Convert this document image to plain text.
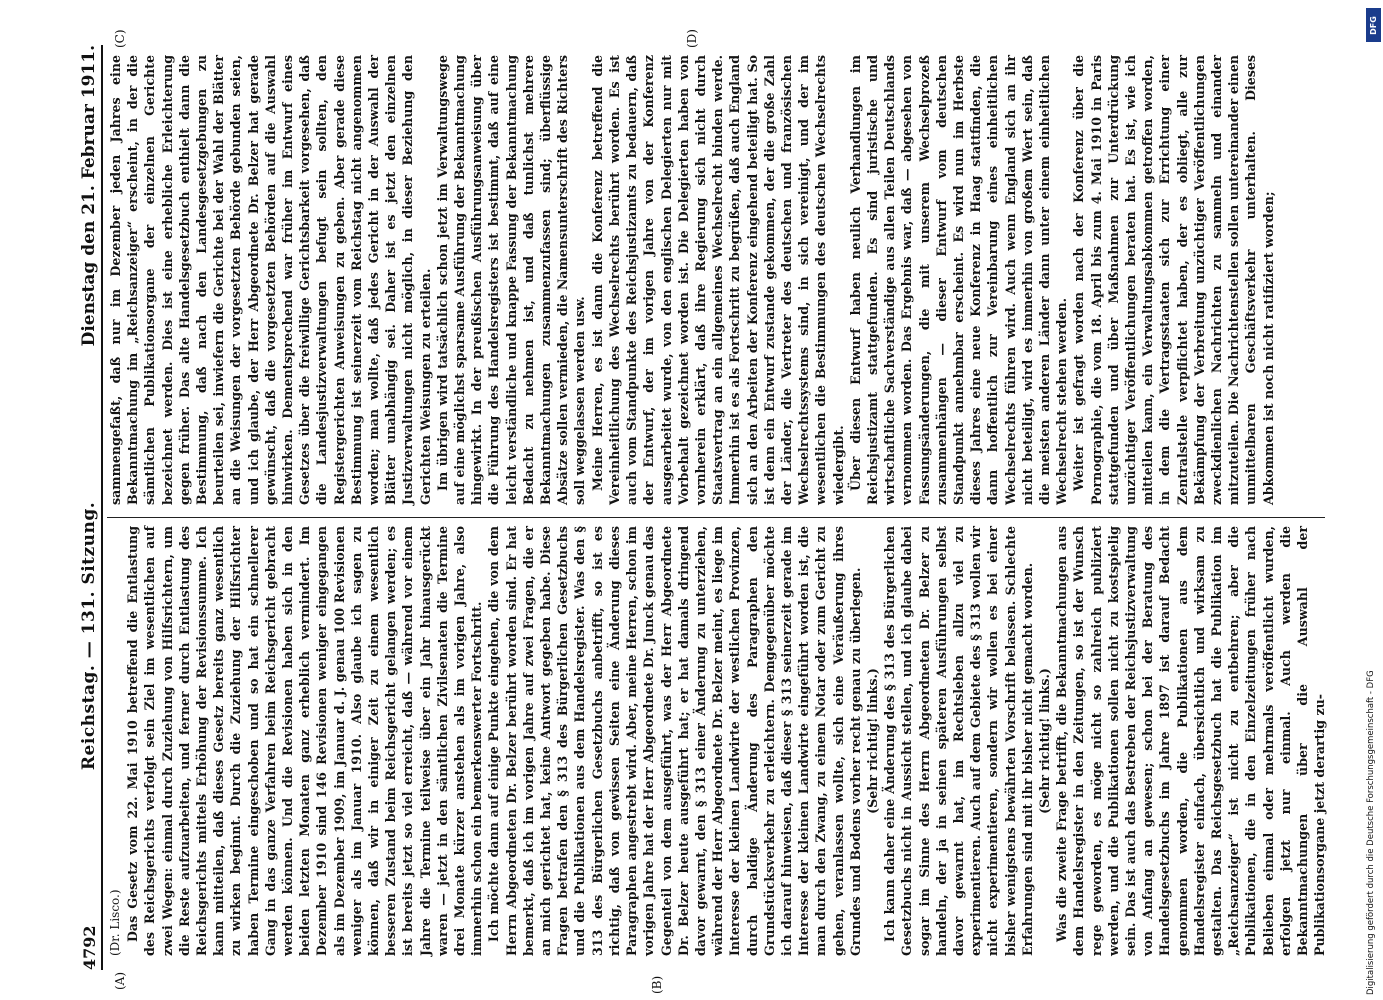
4792
Reichstag. — 131. Sitzung.
Dienstag den 21. Februar 1911.
(A)	(B)
(C)	(D)

(Dr. Lisco.) Das Gesetz vom 22. Mai 1910 betreffend die Entlastung des Reichsgerichts verfolgt sein Ziel im wesentlichen auf zwei Wegen: einmal durch Zuziehung von Hilfsrichtern, um die Reste aufzuarbeiten, und ferner durch Entlastung des Reichsgerichts mittels Erhöhung der Revisionssumme. Ich kann mitteilen, daß dieses Gesetz bereits ganz wesentlich zu wirken beginnt. Durch die Zuziehung der Hilfsrichter haben Termine eingeschoben und so hat ein schnellerer Gang in das ganze Verfahren beim Reichsgericht gebracht werden können. Und die Revisionen haben sich in den beiden letzten Monaten ganz erheblich vermindert. Im Dezember 1910 sind 146 Revisionen weniger eingegangen als im Dezember 1909, im Januar d. J. genau 100 Revisionen weniger als im Januar 1910. Also glaube ich sagen zu können, daß wir in einiger Zeit zu einem wesentlich besseren Zustand beim Reichsgericht gelangen werden; es ist bereits jetzt so viel erreicht, daß — während vor einem Jahre die Termine teilweise über ein Jahr hinausgerückt waren — jetzt in den sämtlichen Zivilsenaten die Termine drei Monate kürzer anstehen als im vorigen Jahre, also immerhin schon ein bemerkenswerter Fortschritt. Ich möchte dann auf einige Punkte eingehen, die von dem Herrn Abgeordneten Dr. Belzer berührt worden sind. Er hat bemerkt, daß ich im vorigen Jahre auf zwei Fragen, die er an mich gerichtet hat, keine Antwort gegeben habe. Diese Fragen betrafen den § 313 des Bürgerlichen Gesetzbuchs und die Publikationen aus dem Handelsregister. Was den § 313 des Bürgerlichen Gesetzbuchs anbetrifft, so ist es richtig, daß von gewissen Seiten eine Änderung dieses Paragraphen angestrebt wird. Aber, meine Herren, schon im vorigen Jahre hat der Herr Abgeordnete Dr. Junck genau das Gegenteil von dem ausgeführt, was der Herr Abgeordnete Dr. Belzer heute ausgeführt hat; er hat damals dringend davor gewarnt, den § 313 einer Änderung zu unterziehen, während der Herr Abgeordnete Dr. Belzer meint, es liege im Interesse der kleinen Landwirte der westlichen Provinzen, durch baldige Änderung des Paragraphen den Grundstücksverkehr zu erleichtern. Demgegenüber möchte ich darauf hinweisen, daß dieser § 313 seinerzeit gerade im Interesse der kleinen Landwirte eingeführt worden ist, die man durch den Zwang, zu einem Notar oder zum Gericht zu gehen, veranlassen wollte, sich eine Veräußerung ihres Grundes und Bodens vorher recht genau zu überlegen. (Sehr richtig! links.) Ich kann daher eine Änderung des § 313 des Bürgerlichen Gesetzbuchs nicht in Aussicht stellen, und ich glaube dabei sogar im Sinne des Herrn Abgeordneten Dr. Belzer zu handeln, der ja in seinen späteren Ausführungen selbst davor gewarnt hat, im Rechtsleben allzu viel zu experimentieren. Auch auf dem Gebiete des § 313 wollen wir nicht experimentieren, sondern wir wollen es bei einer bisher wenigstens bewährten Vorschrift belassen. Schlechte Erfahrungen sind mit ihr bisher nicht gemacht worden. (Sehr richtig! links.) Was die zweite Frage betrifft, die Bekanntmachungen aus dem Handelsregister in den Zeitungen, so ist der Wunsch rege geworden, es möge nicht so zahlreich publiziert werden, und die Publikationen sollen nicht zu kostspielig sein. Das ist auch das Bestreben der Reichsjustizverwaltung von Anfang an gewesen; schon bei der Beratung des Handelsgesetzbuchs im Jahre 1897 ist darauf Bedacht genommen worden, die Publikationen aus dem Handelsregister einfach, übersichtlich und wirksam zu gestalten. Das Reichsgesetzbuch hat die Publikation im „Reichsanzeiger“ ist nicht zu entbehren; aber die Publikationen, die in den Einzelzeitungen früher nach Belieben einmal oder mehrmals veröffentlicht wurden, erfolgen jetzt nur einmal. Auch werden die Bekanntmachungen über die Auswahl der Publikationsorgane jetzt derartig zu-

sammengefaßt, daß nur im Dezember jeden Jahres eine Bekanntmachung im „Reichsanzeiger“ erscheint, in der die sämtlichen Publikationsorgane der einzelnen Gerichte bezeichnet werden. Dies ist eine erhebliche Erleichterung gegen früher. Das alte Handelsgesetzbuch enthielt dann die Bestimmung, daß nach den Landesgesetzgebungen zu beurteilen sei, inwiefern die Gerichte bei der Wahl der Blätter an die Weisungen der vorgesetzten Behörde gebunden seien, und ich glaube, der Herr Abgeordnete Dr. Belzer hat gerade gewünscht, daß die vorgesetzten Behörden auf die Auswahl hinwirken. Dementsprechend war früher im Entwurf eines Gesetzes über die freiwillige Gerichtsbarkeit vorgesehen, daß die Landesjustizverwaltungen befugt sein sollten, den Registergerichten Anweisungen zu geben. Aber gerade diese Bestimmung ist seinerzeit vom Reichstag nicht angenommen worden; man wollte, daß jedes Gericht in der Auswahl der Blätter unabhängig sei. Daher ist es jetzt den einzelnen Justizverwaltungen nicht möglich, in dieser Beziehung den Gerichten Weisungen zu erteilen. Im übrigen wird tatsächlich schon jetzt im Verwaltungswege auf eine möglichst sparsame Ausführung der Bekanntmachung hingewirkt. In der preußischen Ausführungsanweisung über die Führung des Handelsregisters ist bestimmt, daß auf eine leicht verständliche und knappe Fassung der Bekanntmachung Bedacht zu nehmen ist, und daß tunlichst mehrere Bekanntmachungen zusammenzufassen sind; überflüssige Absätze sollen vermieden, die Namensunterschrift des Richters soll weggelassen werden usw. Meine Herren, es ist dann die Konferenz betreffend die Vereinheitlichung des Wechselrechts berührt worden. Es ist auch vom Standpunkte des Reichsjustizamts zu bedauern, daß der Entwurf, der im vorigen Jahre von der Konferenz ausgearbeitet wurde, von den englischen Delegierten nur mit Vorbehalt gezeichnet worden ist. Die Delegierten haben von vornherein erklärt, daß ihre Regierung sich nicht durch Staatsvertrag an ein allgemeines Wechselrecht binden werde. Immerhin ist es als Fortschritt zu begrüßen, daß auch England sich an den Arbeiten der Konferenz eingehend beteiligt hat. So ist denn ein Entwurf zustande gekommen, der die große Zahl der Länder, die Vertreter des deutschen und französischen Wechselrechtssystems sind, in sich vereinigt, und der im wesentlichen die Bestimmungen des deutschen Wechselrechts wiedergibt. Über diesen Entwurf haben neulich Verhandlungen im Reichsjustizamt stattgefunden. Es sind juristische und wirtschaftliche Sachverständige aus allen Teilen Deutschlands vernommen worden. Das Ergebnis war, daß — abgesehen von Fassungsänderungen, die mit unserem Wechselprozeß zusammenhängen — dieser Entwurf vom deutschen Standpunkt annehmbar erscheint. Es wird nun im Herbste dieses Jahres eine neue Konferenz in Haag stattfinden, die dann hoffentlich zur Vereinbarung eines einheitlichen Wechselrechts führen wird. Auch wenn England sich an ihr nicht beteiligt, wird es immerhin von großem Wert sein, daß die meisten anderen Länder dann unter einem einheitlichen Wechselrecht stehen werden. Weiter ist gefragt worden nach der Konferenz über die Pornographie, die vom 18. April bis zum 4. Mai 1910 in Paris stattgefunden und über Maßnahmen zur Unterdrückung unzüchtiger Veröffentlichungen beraten hat. Es ist, wie ich mitteilen kann, ein Verwaltungsabkommen getroffen worden, in dem die Vertragsstaaten sich zur Errichtung einer Zentralstelle verpflichtet haben, der es obliegt, alle zur Bekämpfung der Verbreitung unzüchtiger Veröffentlichungen zweckdienlichen Nachrichten zu sammeln und einander mitzuteilen. Die Nachrichtenstellen sollen untereinander einen unmittelbaren Geschäftsverkehr unterhalten. Dieses Abkommen ist noch nicht ratifiziert worden;

DFG
Digitalisierung gefördert durch die Deutsche Forschungsgemeinschaft - DFG
